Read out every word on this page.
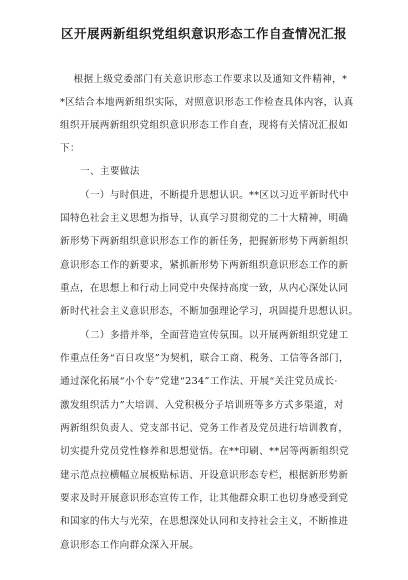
区开展两新组织党组织意识形态工作自查情况汇报
根据上级党委部门有关意识形态工作要求以及通知文件精神，*
*区结合本地两新组织实际，对照意识形态工作检查具体内容，认真
组织开展两新组织党组织意识形态工作自查，现将有关情况汇报如
下：
一、主要做法
（一）与时俱进，不断提升思想认识。**区以习近平新时代中
国特色社会主义思想为指导，认真学习贯彻党的二十大精神，明确
新形势下两新组织意识形态工作的新任务，把握新形势下两新组织
意识形态工作的新要求，紧抓新形势下两新组织意识形态工作的新
重点，在思想上和行动上同党中央保持高度一致，从内心深处认同
新时代社会主义意识形态，不断加强理论学习，巩固提升思想认识。
（二）多措并举，全面营造宣传氛围。以开展两新组织党建工
作重点任务“百日攻坚”为契机，联合工商、税务、工信等各部门，
通过深化拓展“小个专”党建“234”工作法、开展“关注党员成长·
激发组织活力”大培训、入党积极分子培训班等多方式多渠道，对
两新组织负责人、党支部书记、党务工作者及党员进行培训教育，
切实提升党员党性修养和思想觉悟。在**印刷、**居等两新组织党
建示范点拉横幅立展板贴标语、开设意识形态专栏，根据新形势新
要求及时开展意识形态宣传工作，让其他群众职工也切身感受到党
和国家的伟大与光荣，在思想深处认同和支持社会主义，不断推进
意识形态工作向群众深入开展。
